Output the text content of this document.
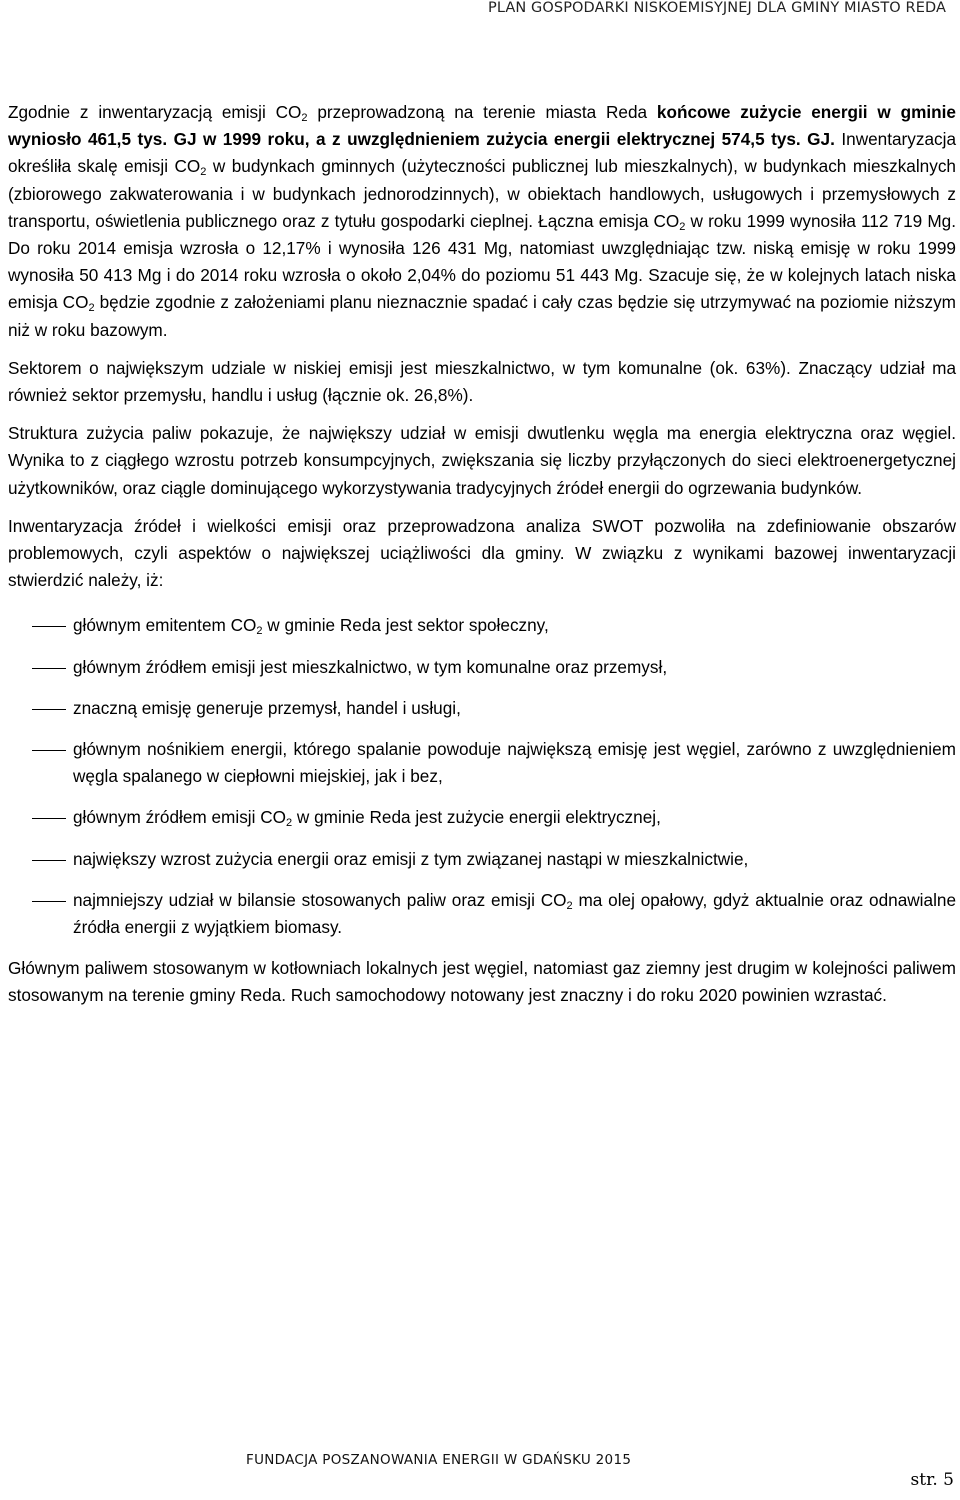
PLAN GOSPODARKI NISKOEMISYJNEJ DLA GMINY MIASTO REDA

Zgodnie z inwentaryzacją emisji $CO_2$ przeprowadzoną na terenie miasta Reda końcowe zużycie energii w gminie wyniosło 461,5 tys. GJ w 1999 roku, a z uwzględnieniem zużycia energii elektrycznej 574,5 tys. GJ. Inwentaryzacja określiła skalę emisji $CO_2$ w budynkach gminnych (użyteczności publicznej lub mieszkalnych), w budynkach mieszkalnych (zbiorowego zakwaterowania i w budynkach jednorodzinnych), w obiektach handlowych, usługowych i przemysłowych z transportu, oświetlenia publicznego oraz z tytułu gospodarki cieplnej. Łączna emisja $CO_2$ w roku 1999 wynosiła 112 719 Mg. Do roku 2014 emisja wzrosła o 12,17% i wynosiła 126 431 Mg, natomiast uwzględniając tzw. niską emisję w roku 1999 wynosiła 50 413 Mg i do 2014 roku wzrosła o około 2,04% do poziomu 51 443 Mg. Szacuje się, że w kolejnych latach niska emisja $CO_2$ będzie zgodnie z założeniami planu nieznacznie spadać i cały czas będzie się utrzymywać na poziomie niższym niż w roku bazowym.

Sektorem o największym udziale w niskiej emisji jest mieszkalnictwo, w tym komunalne (ok. 63%). Znaczący udział ma również sektor przemysłu, handlu i usług (łącznie ok. 26,8%).

Struktura zużycia paliw pokazuje, że największy udział w emisji dwutlenku węgla ma energia elektryczna oraz węgiel. Wynika to z ciągłego wzrostu potrzeb konsumpcyjnych, zwiększania się liczby przyłączonych do sieci elektroenergetycznej użytkowników, oraz ciągle dominującego wykorzystywania tradycyjnych źródeł energii do ogrzewania budynków.

Inwentaryzacja źródeł i wielkości emisji oraz przeprowadzona analiza SWOT pozwoliła na zdefiniowanie obszarów problemowych, czyli aspektów o największej uciążliwości dla gminy. W związku z wynikami bazowej inwentaryzacji stwierdzić należy, iż:

głównym emitentem $CO_2$ w gminie Reda jest sektor społeczny,
głównym źródłem emisji jest mieszkalnictwo, w tym komunalne oraz przemysł,
znaczną emisję generuje przemysł, handel i usługi,
głównym nośnikiem energii, którego spalanie powoduje największą emisję jest węgiel, zarówno z uwzględnieniem węgla spalanego w ciepłowni miejskiej, jak i bez,
głównym źródłem emisji $CO_2$ w gminie Reda jest zużycie energii elektrycznej,
największy wzrost zużycia energii oraz emisji z tym związanej nastąpi w mieszkalnictwie,
najmniejszy udział w bilansie stosowanych paliw oraz emisji $CO_2$ ma olej opałowy, gdyż aktualnie oraz odnawialne źródła energii z wyjątkiem biomasy.

Głównym paliwem stosowanym w kotłowniach lokalnych jest węgiel, natomiast gaz ziemny jest drugim w kolejności paliwem stosowanym na terenie gminy Reda. Ruch samochodowy notowany jest znaczny i do roku 2020 powinien wzrastać.

FUNDACJA POSZANOWANIA ENERGII W GDAŃSKU 2015
str. 5
